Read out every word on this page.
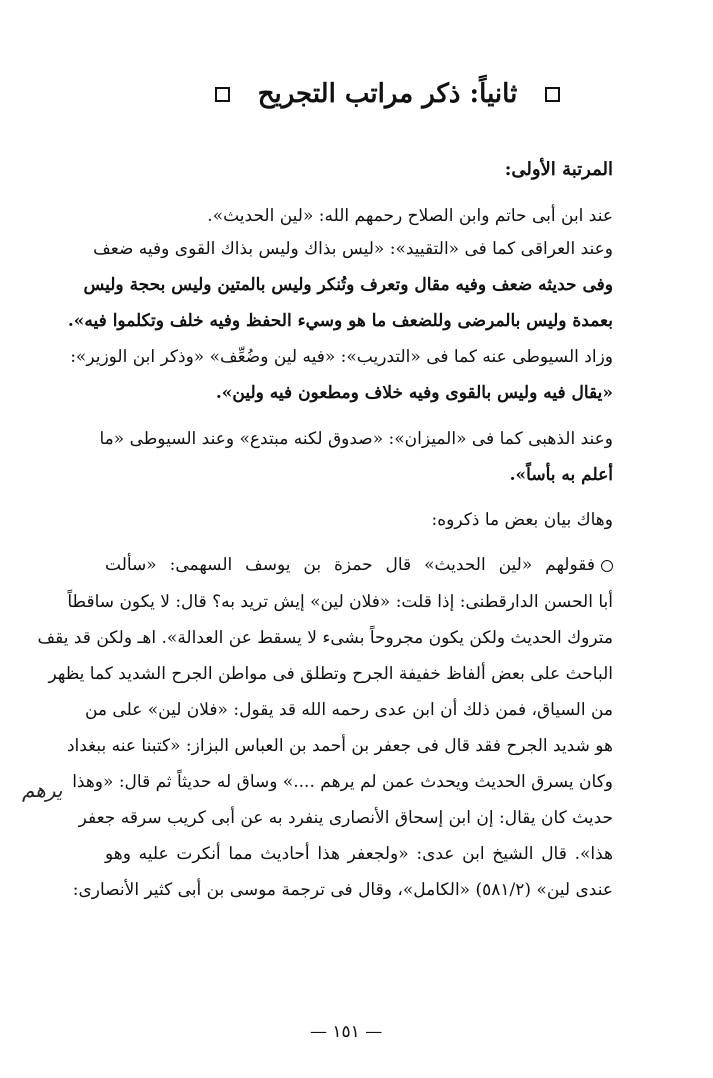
ثانياً: ذكر مراتب التجريح
المرتبة الأولى:
عند ابن أبى حاتم وابن الصلاح رحمهم الله: «لين الحديث».
وعند العراقى كما فى «التقييد»: «ليس بذاك وليس بذاك القوى وفيه ضعف
وفى حديثه ضعف وفيه مقال وتعرف وتُنكر وليس بالمتين وليس بحجة وليس
بعمدة وليس بالمرضى وللضعف ما هو وسيء الحفظ وفيه خلف وتكلموا فيه».
وزاد السيوطى عنه كما فى «التدريب»: «فيه لين وضُعِّف» «وذكر ابن الوزير»:
«يقال فيه وليس بالقوى وفيه خلاف ومطعون فيه ولين».
وعند الذهبى كما فى «الميزان»: «صدوق لكنه مبتدع» وعند السيوطى «ما
أعلم به بأساً».
وهاك بيان بعض ما ذكروه:
فقولهم «لين الحديث» قال حمزة بن يوسف السهمى: «سألت
أبا الحسن الدارقطنى: إذا قلت: «فلان لين» إيش تريد به؟ قال: لا يكون ساقطاً
متروك الحديث ولكن يكون مجروحاً بشىء لا يسقط عن العدالة». اهـ ولكن قد يقف
الباحث على بعض ألفاظ خفيفة الجرح وتطلق فى مواطن الجرح الشديد كما يظهر
من السياق، فمن ذلك أن ابن عدى رحمه الله قد يقول: «فلان لين» على من
هو شديد الجرح فقد قال فى جعفر بن أحمد بن العباس البزاز: «كتبنا عنه ببغداد
وكان يسرق الحديث ويحدث عمن لم يرهم ....» وساق له حديثاً ثم قال: «وهذا
حديث كان يقال: إن ابن إسحاق الأنصارى ينفرد به عن أبى كريب سرقه جعفر
هذا». قال الشيخ ابن عدى: «ولجعفر هذا أحاديث مما أنكرت عليه وهو
عندى لين» (٥٨١/٢) «الكامل»، وقال فى ترجمة موسى بن أبى كثير الأنصارى:
يرهم
— ١٥١ —
